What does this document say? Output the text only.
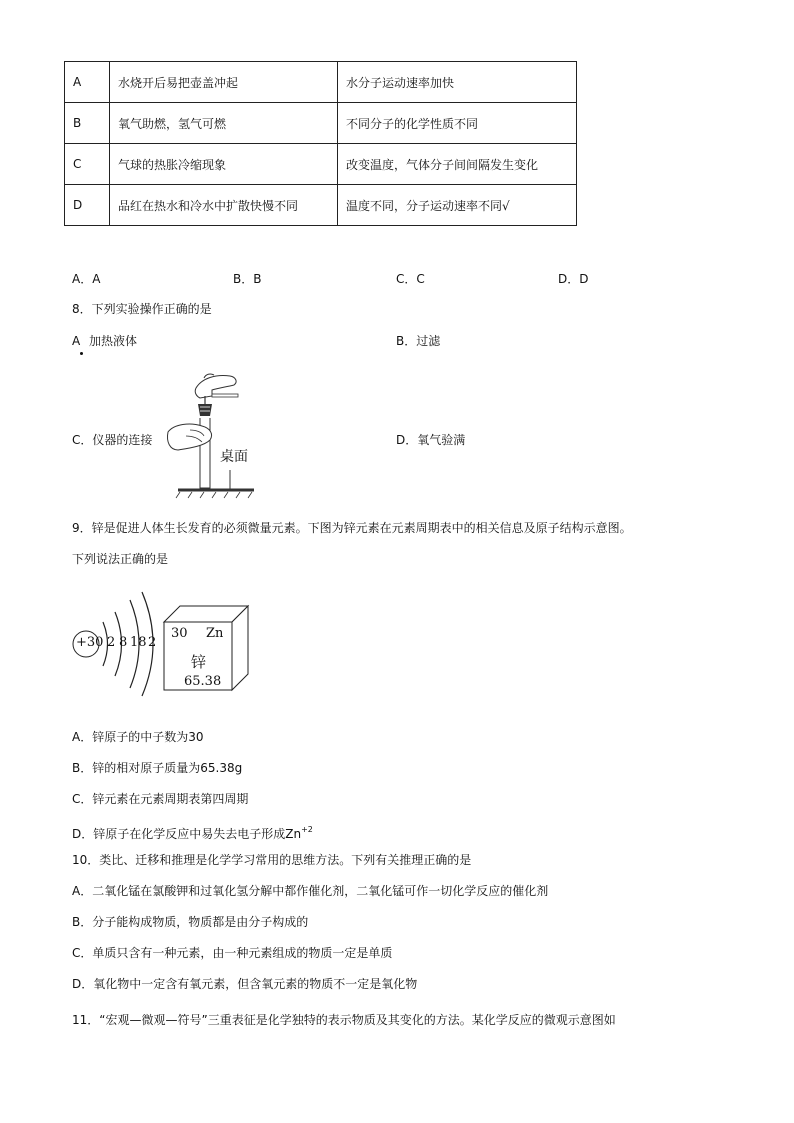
A	水烧开后易把壶盖冲起	水分子运动速率加快
B	氧气助燃，氢气可燃	不同分子的化学性质不同
C	气球的热胀冷缩现象	改变温度，气体分子间间隔发生变化
D	品红在热水和冷水中扩散快慢不同	温度不同，分子运动速率不同√
A．A	B．B	C．C	D．D
8．下列实验操作正确的是
A 加热液体	B．过滤
C．仪器的连接	D．氧气验满
桌面
9．锌是促进人体生长发育的必须微量元素。下图为锌元素在元素周期表中的相关信息及原子结构示意图。
下列说法正确的是
+30 2 8 18 2
30 Zn
锌
65.38
A．锌原子的中子数为30
B．锌的相对原子质量为65.38g
C．锌元素在元素周期表第四周期
D．锌原子在化学反应中易失去电子形成$Zn^{+2}$
10．类比、迁移和推理是化学学习常用的思维方法。下列有关推理正确的是
A．二氧化锰在氯酸钾和过氧化氢分解中都作催化剂，二氧化锰可作一切化学反应的催化剂
B．分子能构成物质，物质都是由分子构成的
C．单质只含有一种元素，由一种元素组成的物质一定是单质
D．氧化物中一定含有氧元素，但含氧元素的物质不一定是氧化物
11．“宏观—微观—符号”三重表征是化学独特的表示物质及其变化的方法。某化学反应的微观示意图如
